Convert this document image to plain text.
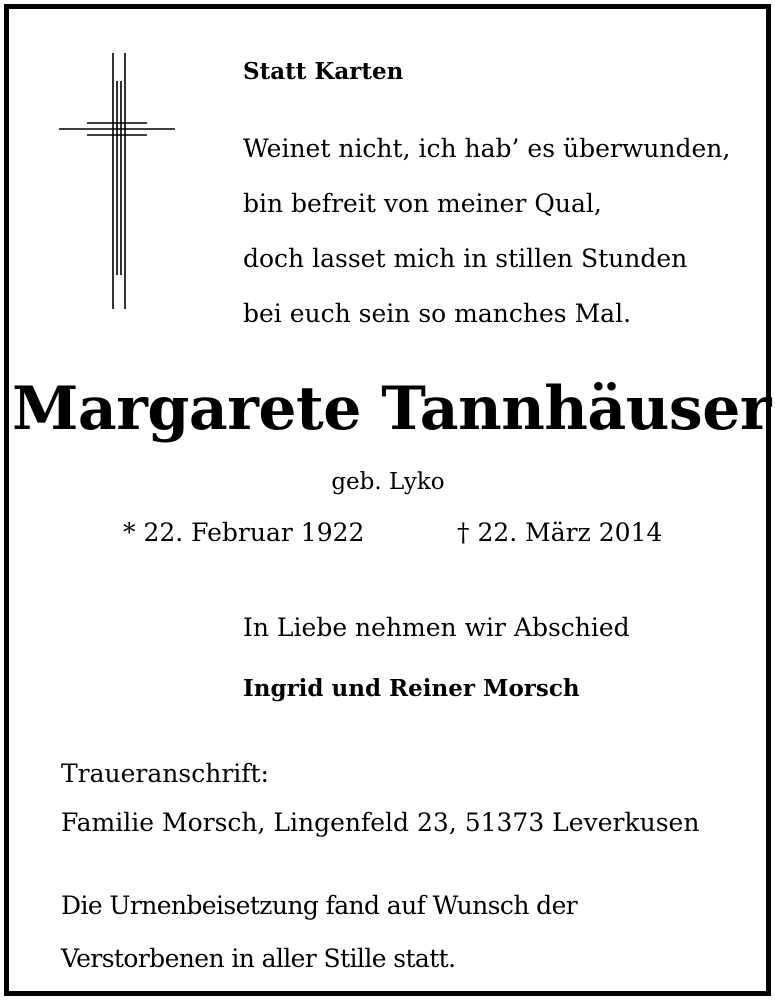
Statt Karten
Weinet nicht, ich hab’ es überwunden,
bin befreit von meiner Qual,
doch lasset mich in stillen Stunden
bei euch sein so manches Mal.
Margarete Tannhäuser
geb. Lyko
* 22. Februar 1922	† 22. März 2014
In Liebe nehmen wir Abschied
Ingrid und Reiner Morsch
Traueranschrift:
Familie Morsch, Lingenfeld 23, 51373 Leverkusen
Die Urnenbeisetzung fand auf Wunsch der Verstorbenen in aller Stille statt.
